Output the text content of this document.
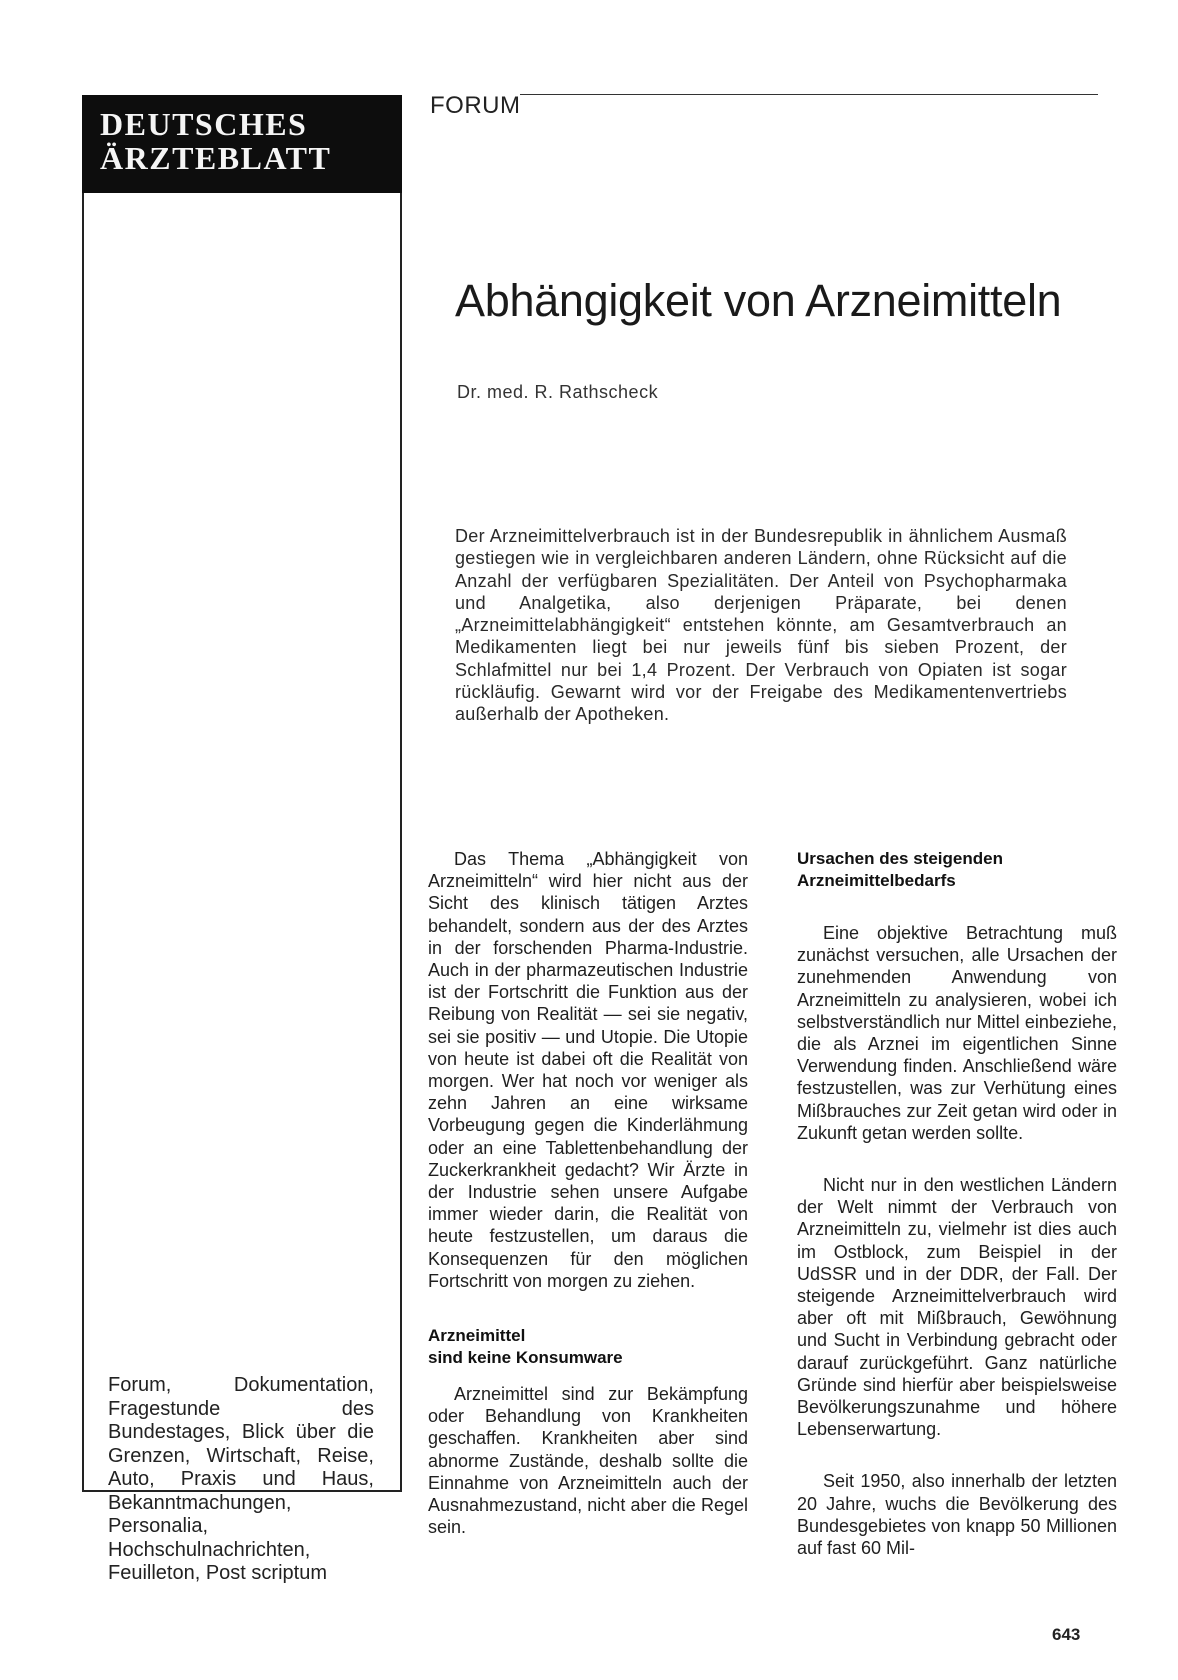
DEUTSCHES
ÄRZTEBLATT
FORUM
Abhängigkeit von Arzneimitteln
Dr. med. R. Rathscheck
Der Arzneimittelverbrauch ist in der Bundesrepublik in ähnlichem Ausmaß gestiegen wie in vergleichbaren anderen Ländern, ohne Rücksicht auf die Anzahl der verfügbaren Spezialitäten. Der Anteil von Psychopharmaka und Analgetika, also derjenigen Präparate, bei denen „Arzneimittelabhängigkeit“ entstehen könnte, am Gesamtverbrauch an Medikamenten liegt bei nur jeweils fünf bis sieben Prozent, der Schlafmittel nur bei 1,4 Prozent. Der Verbrauch von Opiaten ist sogar rückläufig. Gewarnt wird vor der Freigabe des Medikamentenvertriebs außerhalb der Apotheken.

Das Thema „Abhängigkeit von Arzneimitteln“ wird hier nicht aus der Sicht des klinisch tätigen Arztes behandelt, sondern aus der des Arztes in der forschenden Pharma-Industrie. Auch in der pharmazeutischen Industrie ist der Fortschritt die Funktion aus der Reibung von Realität — sei sie negativ, sei sie positiv — und Utopie. Die Utopie von heute ist dabei oft die Realität von morgen. Wer hat noch vor weniger als zehn Jahren an eine wirksame Vorbeugung gegen die Kinderlähmung oder an eine Tablettenbehandlung der Zuckerkrankheit gedacht? Wir Ärzte in der Industrie sehen unsere Aufgabe immer wieder darin, die Realität von heute festzustellen, um daraus die Konsequenzen für den möglichen Fortschritt von morgen zu ziehen.

Arzneimittel
sind keine Konsumware

Arzneimittel sind zur Bekämpfung oder Behandlung von Krankheiten geschaffen. Krankheiten aber sind abnorme Zustände, deshalb sollte die Einnahme von Arzneimitteln auch der Ausnahmezustand, nicht aber die Regel sein.

Ursachen des steigenden
Arzneimittelbedarfs

Eine objektive Betrachtung muß zunächst versuchen, alle Ursachen der zunehmenden Anwendung von Arzneimitteln zu analysieren, wobei ich selbstverständlich nur Mittel einbeziehe, die als Arznei im eigentlichen Sinne Verwendung finden. Anschließend wäre festzustellen, was zur Verhütung eines Mißbrauches zur Zeit getan wird oder in Zukunft getan werden sollte.

Nicht nur in den westlichen Ländern der Welt nimmt der Verbrauch von Arzneimitteln zu, vielmehr ist dies auch im Ostblock, zum Beispiel in der UdSSR und in der DDR, der Fall. Der steigende Arzneimittelverbrauch wird aber oft mit Mißbrauch, Gewöhnung und Sucht in Verbindung gebracht oder darauf zurückgeführt. Ganz natürliche Gründe sind hierfür aber beispielsweise Bevölkerungszunahme und höhere Lebenserwartung.

Seit 1950, also innerhalb der letzten 20 Jahre, wuchs die Bevölkerung des Bundesgebietes von knapp 50 Millionen auf fast 60 Mil-

Forum, Dokumentation, Fragestunde des Bundestages, Blick über die Grenzen, Wirtschaft, Reise, Auto, Praxis und Haus, Bekanntmachungen, Personalia, Hochschulnachrichten, Feuilleton, Post scriptum
643
